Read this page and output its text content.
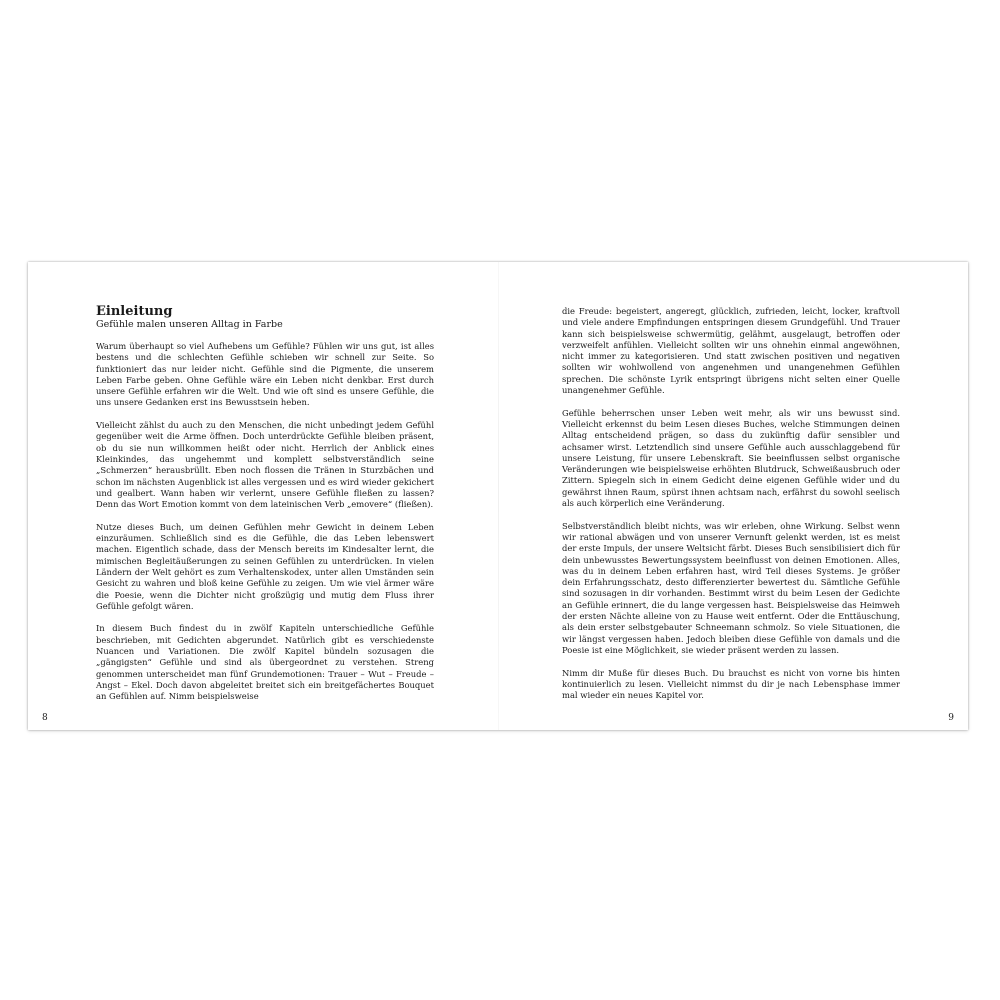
Einleitung
Gefühle malen unseren Alltag in Farbe

Warum überhaupt so viel Aufhebens um Gefühle? Fühlen wir uns gut, ist alles bestens und die schlechten Gefühle schieben wir schnell zur Seite. So funktioniert das nur leider nicht. Gefühle sind die Pigmente, die unserem Leben Farbe geben. Ohne Gefühle wäre ein Leben nicht denkbar. Erst durch unsere Gefühle erfahren wir die Welt. Und wie oft sind es unsere Gefühle, die uns unsere Gedanken erst ins Bewusstsein heben.

Vielleicht zählst du auch zu den Menschen, die nicht unbedingt jedem Gefühl gegenüber weit die Arme öffnen. Doch unterdrückte Gefühle bleiben präsent, ob du sie nun willkommen heißt oder nicht. Herrlich der Anblick eines Kleinkindes, das ungehemmt und komplett selbstverständlich seine „Schmerzen“ herausbrüllt. Eben noch flossen die Tränen in Sturzbächen und schon im nächsten Augenblick ist alles vergessen und es wird wieder gekichert und gealbert. Wann haben wir verlernt, unsere Gefühle fließen zu lassen? Denn das Wort Emotion kommt von dem lateinischen Verb „emovere“ (fließen).

Nutze dieses Buch, um deinen Gefühlen mehr Gewicht in deinem Leben einzuräumen. Schließlich sind es die Gefühle, die das Leben lebenswert machen. Eigentlich schade, dass der Mensch bereits im Kindesalter lernt, die mimischen Begleitäußerungen zu seinen Gefühlen zu unterdrücken. In vielen Ländern der Welt gehört es zum Verhaltenskodex, unter allen Umständen sein Gesicht zu wahren und bloß keine Gefühle zu zeigen. Um wie viel ärmer wäre die Poesie, wenn die Dichter nicht großzügig und mutig dem Fluss ihrer Gefühle gefolgt wären.

In diesem Buch findest du in zwölf Kapiteln unterschiedliche Gefühle beschrieben, mit Gedichten abgerundet. Natürlich gibt es verschiedenste Nuancen und Variationen. Die zwölf Kapitel bündeln sozusagen die „gängigsten“ Gefühle und sind als übergeordnet zu verstehen. Streng genommen unterscheidet man fünf Grundemotionen: Trauer – Wut – Freude – Angst – Ekel. Doch davon abgeleitet breitet sich ein breitgefächertes Bouquet an Gefühlen auf. Nimm beispielsweise

8

die Freude: begeistert, angeregt, glücklich, zufrieden, leicht, locker, kraftvoll und viele andere Empfindungen entspringen diesem Grundgefühl. Und Trauer kann sich beispielsweise schwermütig, gelähmt, ausgelaugt, betroffen oder verzweifelt anfühlen. Vielleicht sollten wir uns ohnehin einmal angewöhnen, nicht immer zu kategorisieren. Und statt zwischen positiven und negativen sollten wir wohlwollend von angenehmen und unangenehmen Gefühlen sprechen. Die schönste Lyrik entspringt übrigens nicht selten einer Quelle unangenehmer Gefühle.

Gefühle beherrschen unser Leben weit mehr, als wir uns bewusst sind. Vielleicht erkennst du beim Lesen dieses Buches, welche Stimmungen deinen Alltag entscheidend prägen, so dass du zukünftig dafür sensibler und achsamer wirst. Letztendlich sind unsere Gefühle auch ausschlaggebend für unsere Leistung, für unsere Lebenskraft. Sie beeinflussen selbst organische Veränderungen wie beispielsweise erhöhten Blutdruck, Schweißausbruch oder Zittern. Spiegeln sich in einem Gedicht deine eigenen Gefühle wider und du gewährst ihnen Raum, spürst ihnen achtsam nach, erfährst du sowohl seelisch als auch körperlich eine Veränderung.

Selbstverständlich bleibt nichts, was wir erleben, ohne Wirkung. Selbst wenn wir rational abwägen und von unserer Vernunft gelenkt werden, ist es meist der erste Impuls, der unsere Weltsicht färbt. Dieses Buch sensibilisiert dich für dein unbewusstes Bewertungssystem beeinflusst von deinen Emotionen. Alles, was du in deinem Leben erfahren hast, wird Teil dieses Systems. Je größer dein Erfahrungsschatz, desto differenzierter bewertest du. Sämtliche Gefühle sind sozusagen in dir vorhanden. Bestimmt wirst du beim Lesen der Gedichte an Gefühle erinnert, die du lange vergessen hast. Beispielsweise das Heimweh der ersten Nächte alleine von zu Hause weit entfernt. Oder die Enttäuschung, als dein erster selbstgebauter Schneemann schmolz. So viele Situationen, die wir längst vergessen haben. Jedoch bleiben diese Gefühle von damals und die Poesie ist eine Möglichkeit, sie wieder präsent werden zu lassen.

Nimm dir Muße für dieses Buch. Du brauchst es nicht von vorne bis hinten kontinuierlich zu lesen. Vielleicht nimmst du dir je nach Lebensphase immer mal wieder ein neues Kapitel vor.

9
